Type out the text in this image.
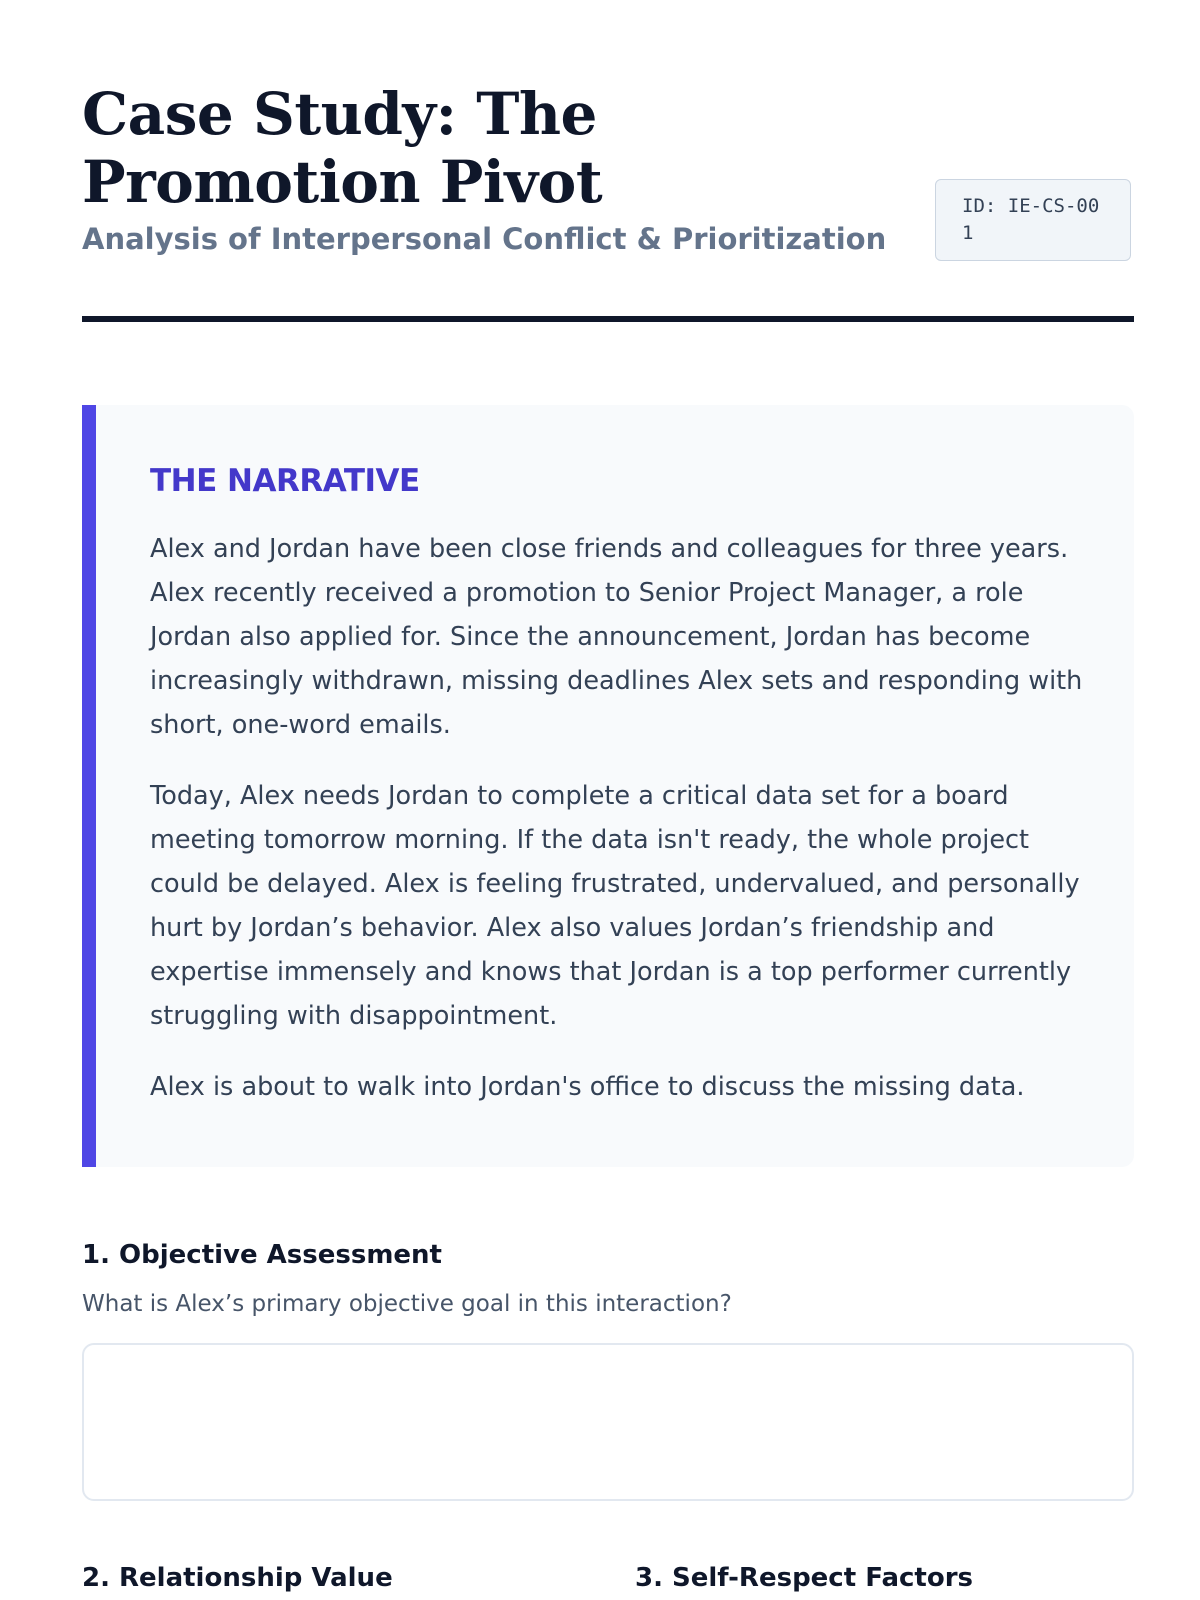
Case Study: The Promotion Pivot
Analysis of Interpersonal Conflict & Prioritization
ID: IE-CS-001
THE NARRATIVE

Alex and Jordan have been close friends and colleagues for three years. Alex recently received a promotion to Senior Project Manager, a role Jordan also applied for. Since the announcement, Jordan has become increasingly withdrawn, missing deadlines Alex sets and responding with short, one-word emails.

Today, Alex needs Jordan to complete a critical data set for a board meeting tomorrow morning. If the data isn't ready, the whole project could be delayed. Alex is feeling frustrated, undervalued, and personally hurt by Jordan’s behavior. Alex also values Jordan’s friendship and expertise immensely and knows that Jordan is a top performer currently struggling with disappointment.

Alex is about to walk into Jordan's office to discuss the missing data.

1. Objective Assessment

What is Alex’s primary objective goal in this interaction?

2. Relationship Value	3. Self-Respect Factors
